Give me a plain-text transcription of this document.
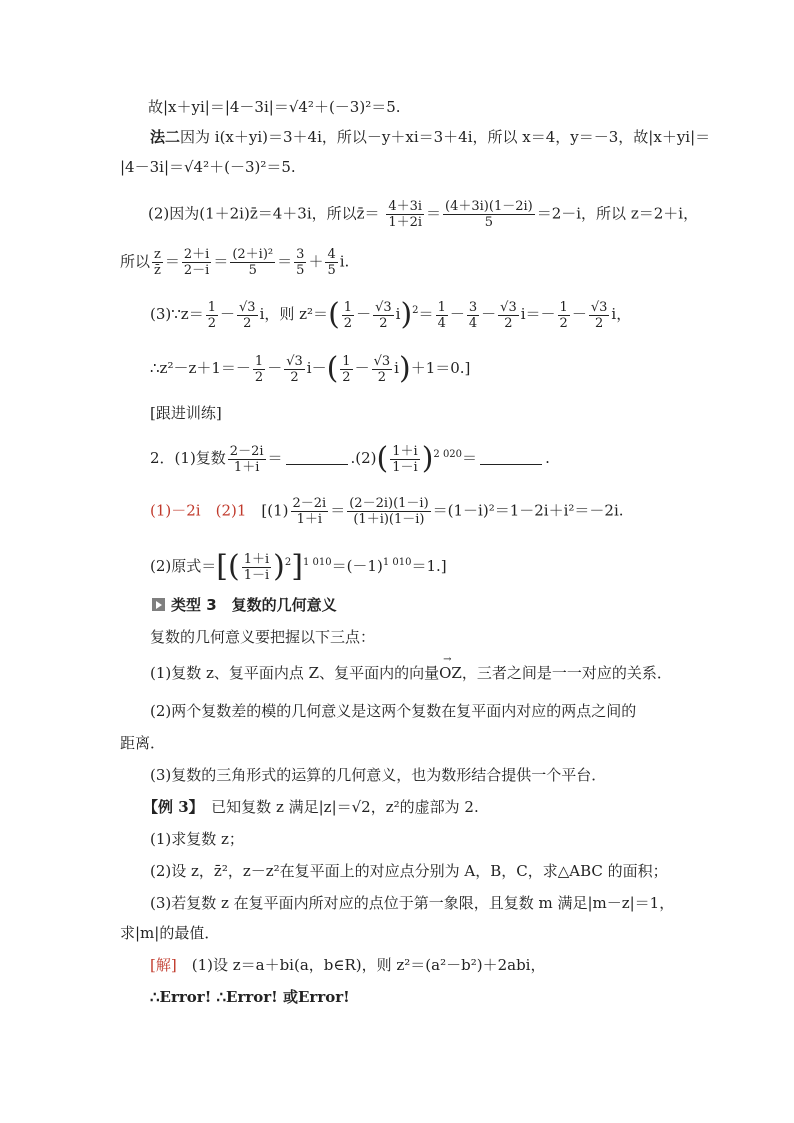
故|x＋yi|＝|4－3i|＝√4²＋(－3)²＝5.
法二因为 i(x＋yi)＝3＋4i，所以－y＋xi＝3＋4i，所以 x＝4，y＝－3，故|x＋yi|＝
|4－3i|＝√4²＋(－3)²＝5.
(2)因为(1＋2i)z̄＝4＋3i，所以z̄＝ $\frac{4+3i}{1+2i} = \frac{(4+3i)(1-2i)}{5} =2-i$，所以 z＝2＋i，
所以 $\frac{z}{z̄} = \frac{2+i}{2-i} = \frac{\text{(2＋i)²}}{5} = \frac{3}{5} + \frac{4}{5} i$.
(3)∵z＝ $\frac{1}{2} - \frac{√3}{2}$ i，则 $z^2=( \frac{1}{2} - \frac{√3}{2} i)^2= \frac{1}{4} - \frac{3}{4} - \frac{√3}{2} i=- \frac{1}{2} - \frac{√3}{2}$ i，
∴z²－z＋1＝－ $\frac{1}{2} - \frac{√3}{2} i-( \frac{1}{2} - \frac{√3}{2} i)+1=0$.]
[跟进训练]
2．(1)复数 $\frac{2-2i}{1+i}$ ＝	$.(2)( \frac{1+i}{1-i} )^{2 020}=$	.
(1)－2i　(2)1　 [$(1) \frac{2-2i}{1+i} = \frac{(2-2i)(1-i)}{(1+i)(1-i)} =(1-i)^2=1-2i+i^2=-2i$.
(2)原式＝[( $\frac{1+i}{1-i} )^2]^{1 010}=(-1)^{1 010}=1$.]
类型 3　复数的几何意义
复数的几何意义要把握以下三点：
(1)复数 z、复平面内点 Z、复平面内的向量→ OZ，三者之间是一一对应的关系．
(2)两个复数差的模的几何意义是这两个复数在复平面内对应的两点之间的
距离．
(3)复数的三角形式的运算的几何意义，也为数形结合提供一个平台．
【例 3】　已知复数 z 满足|z|＝√2，z²的虚部为 2.
(1)求复数 z；
(2)设 z，z̄²，z－z²在复平面上的对应点分别为 A，B，C，求△ABC 的面积；
(3)若复数 z 在复平面内所对应的点位于第一象限，且复数 m 满足|m－z|＝1，
求|m|的最值．
[解]　(1)设 z＝a＋bi(a，b∈R)，则 z²＝(a²－b²)＋2abi，
∴Error! ∴Error! 或Error!
